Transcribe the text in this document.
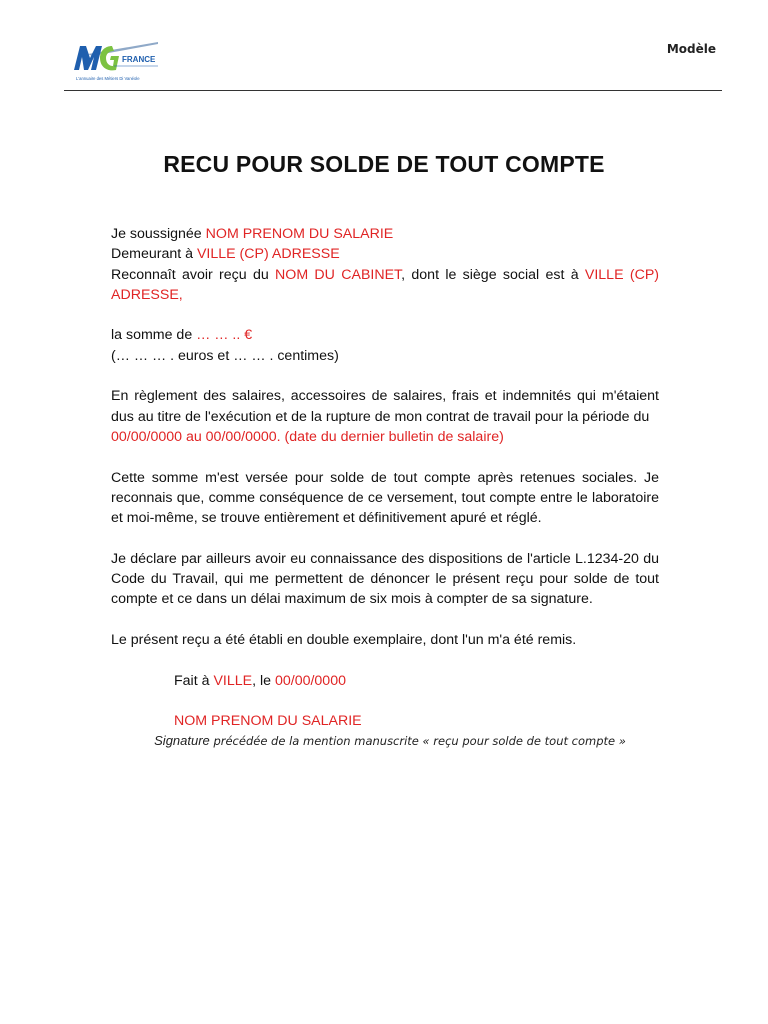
FRANCE
L'annuaire des Métiers Di Vanéole
Modèle
RECU POUR SOLDE DE TOUT COMPTE

Je soussignée NOM PRENOM DU SALARIE

Demeurant à VILLE (CP) ADRESSE

Reconnaît avoir reçu du NOM DU CABINET, dont le siège social est à VILLE (CP) ADRESSE,

la somme de … … .. €

(… … … . euros et … … . centimes)

En règlement des salaires, accessoires de salaires, frais et indemnités qui m'étaient dus au titre de l'exécution et de la rupture de mon contrat de travail pour la période du

00/00/0000 au 00/00/0000. (date du dernier bulletin de salaire)

Cette somme m'est versée pour solde de tout compte après retenues sociales. Je reconnais que, comme conséquence de ce versement, tout compte entre le laboratoire et moi-même, se trouve entièrement et définitivement apuré et réglé.

Je déclare par ailleurs avoir eu connaissance des dispositions de l'article L.1234-20 du Code du Travail, qui me permettent de dénoncer le présent reçu pour solde de tout compte et ce dans un délai maximum de six mois à compter de sa signature.

Le présent reçu a été établi en double exemplaire, dont l'un m'a été remis.

Fait à VILLE, le 00/00/0000

NOM PRENOM DU SALARIE

Signature précédée de la mention manuscrite « reçu pour solde de tout compte »
